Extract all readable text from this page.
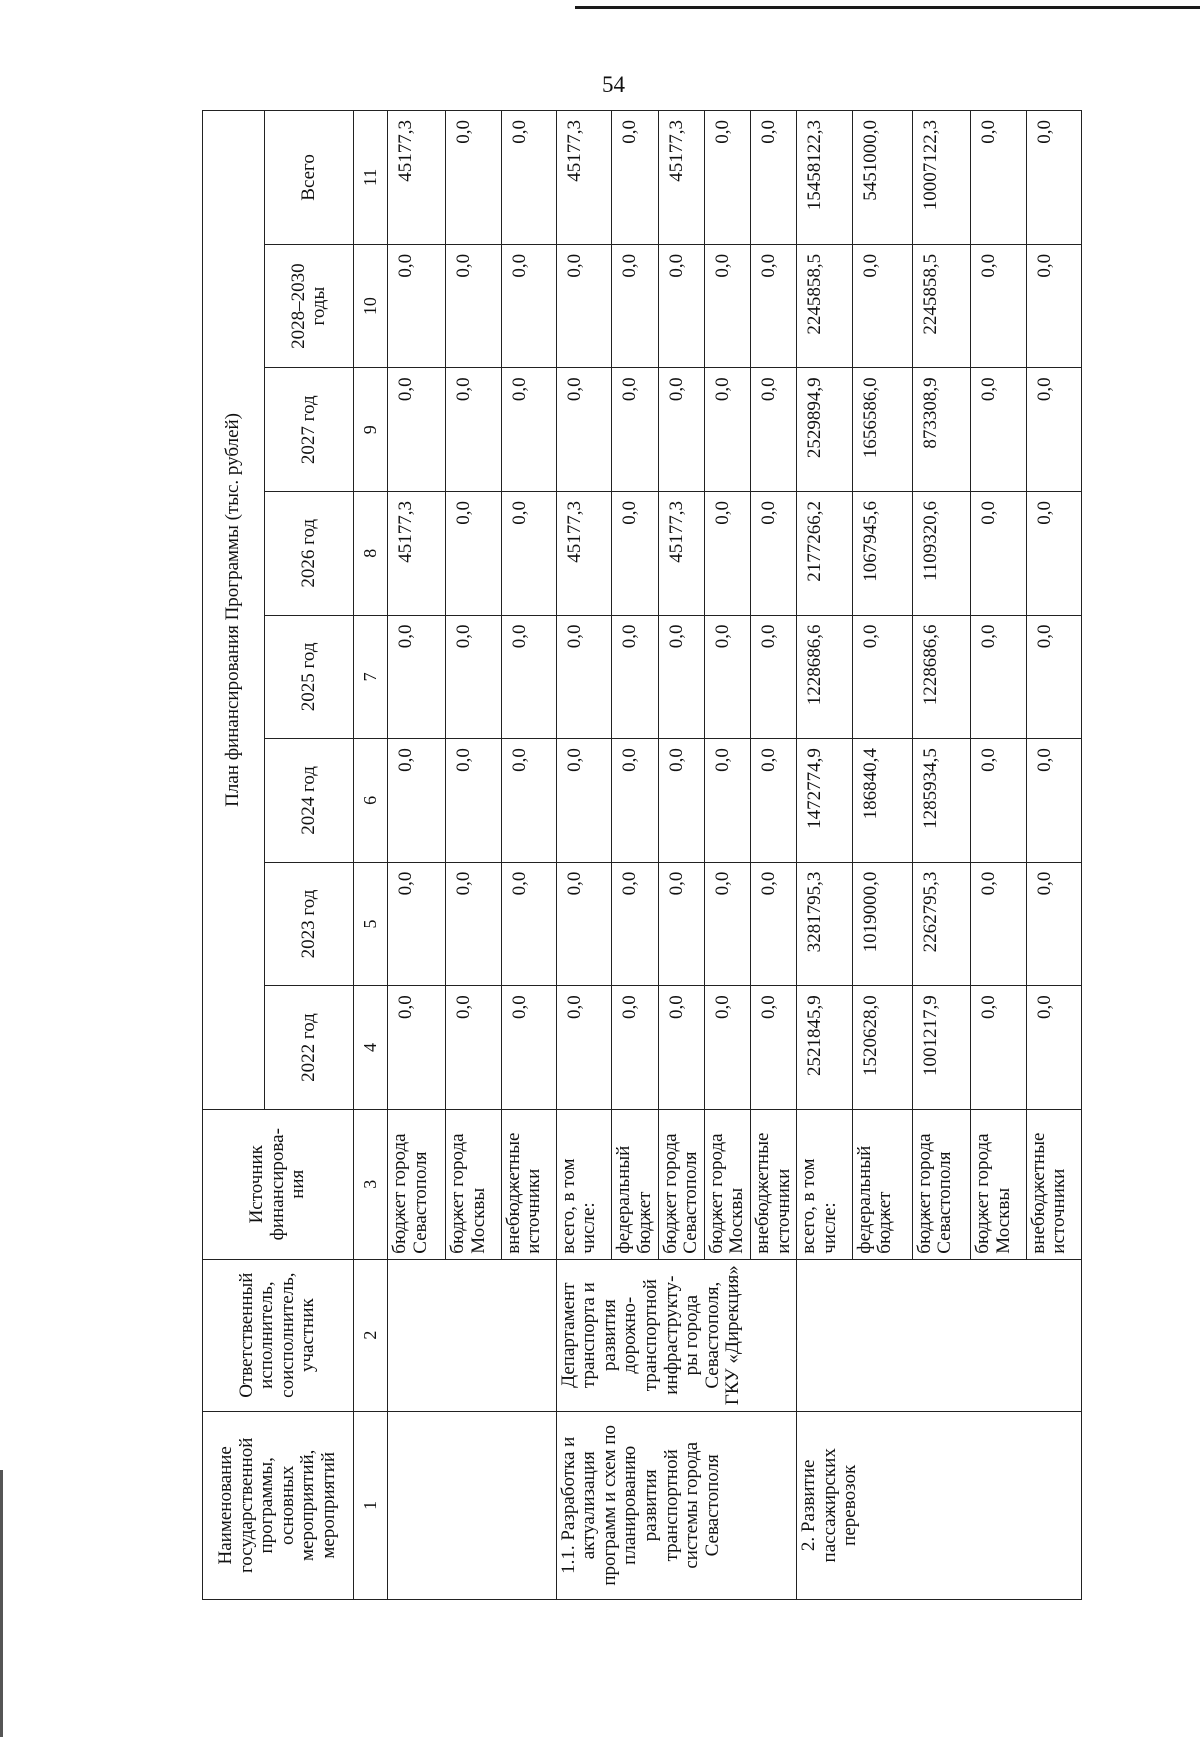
54
Наименование государственной программы, основных мероприятий, мероприятий	Ответственный исполнитель, соисполнитель, участник	Источник финансирова-ния	План финансирования Программы (тыс. рублей)							
			2022 год	2023 год	2024 год	2025 год	2026 год	2027 год	2028–2030 годы	Всего
1	2	3	4	5	6	7	8	9	10	11
		бюджет города Севастополя	0,0	0,0	0,0	0,0	45177,3	0,0	0,0	45177,3
		бюджет города Москвы	0,0	0,0	0,0	0,0	0,0	0,0	0,0	0,0
		внебюджетные источники	0,0	0,0	0,0	0,0	0,0	0,0	0,0	0,0
1.1. Разработка и актуализация программ и схем по планированию развития транспортной системы города Севастополя	Департамент транспорта и развития дорожно-транспортной инфраструкту-ры города Севастополя, ГКУ «Дирекция»	всего, в том числе:	0,0	0,0	0,0	0,0	45177,3	0,0	0,0	45177,3
		федеральный бюджет	0,0	0,0	0,0	0,0	0,0	0,0	0,0	0,0
		бюджет города Севастополя	0,0	0,0	0,0	0,0	45177,3	0,0	0,0	45177,3
		бюджет города Москвы	0,0	0,0	0,0	0,0	0,0	0,0	0,0	0,0
		внебюджетные источники	0,0	0,0	0,0	0,0	0,0	0,0	0,0	0,0
2. Развитие пассажирских перевозок		всего, в том числе:	2521845,9	3281795,3	1472774,9	1228686,6	2177266,2	2529894,9	2245858,5	15458122,3
		федеральный бюджет	1520628,0	1019000,0	186840,4	0,0	1067945,6	1656586,0	0,0	5451000,0
		бюджет города Севастополя	1001217,9	2262795,3	1285934,5	1228686,6	1109320,6	873308,9	2245858,5	10007122,3
		бюджет города Москвы	0,0	0,0	0,0	0,0	0,0	0,0	0,0	0,0
		внебюджетные источники	0,0	0,0	0,0	0,0	0,0	0,0	0,0	0,0
